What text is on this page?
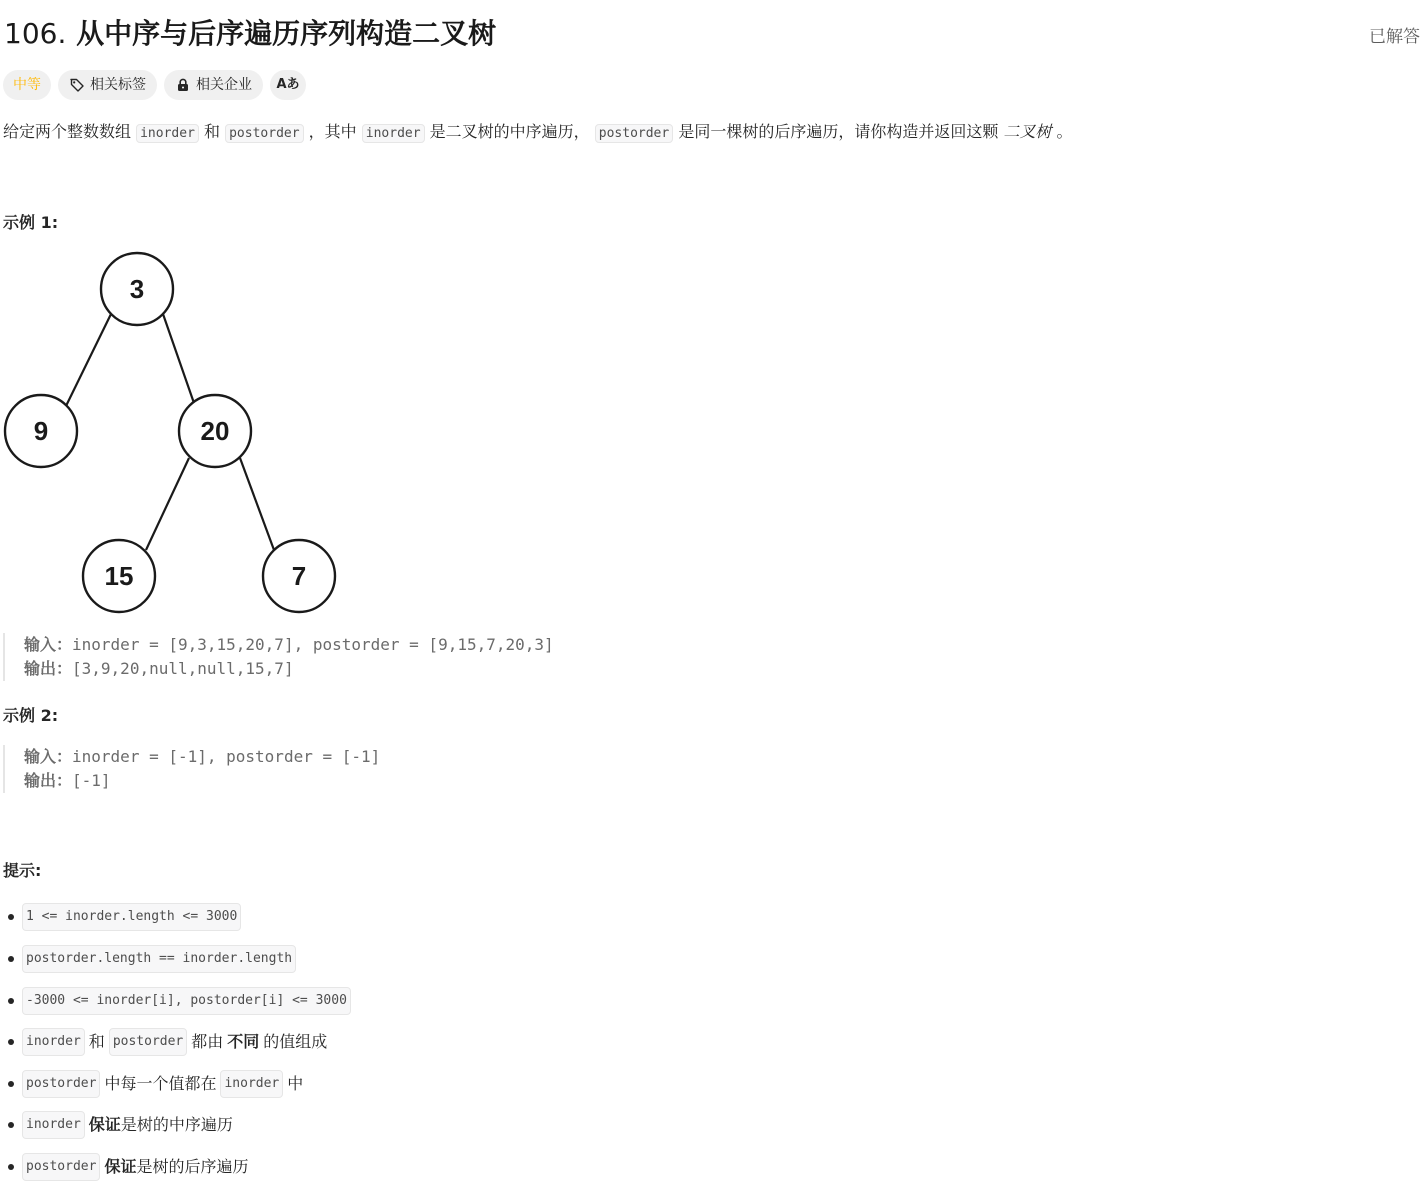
106. 从中序与后序遍历序列构造二叉树	已解答
中等	相关标签	相关企业 Aあ
给定两个整数数组 inorder 和 postorder ，其中 inorder 是二叉树的中序遍历， postorder 是同一棵树的后序遍历，请你构造并返回这颗 二叉树 。
示例 1:
3
9	20
15	7
输入：inorder = [9,3,15,20,7], postorder = [9,15,7,20,3]
输出：[3,9,20,null,null,15,7]
示例 2:
输入：inorder = [-1], postorder = [-1]
输出：[-1]
提示:
1 <= inorder.length <= 3000
postorder.length == inorder.length
-3000 <= inorder[i], postorder[i] <= 3000
inorder 和 postorder 都由 不同 的值组成
postorder 中每一个值都在 inorder 中
inorder 保证 是树的中序遍历
postorder 保证 是树的后序遍历
